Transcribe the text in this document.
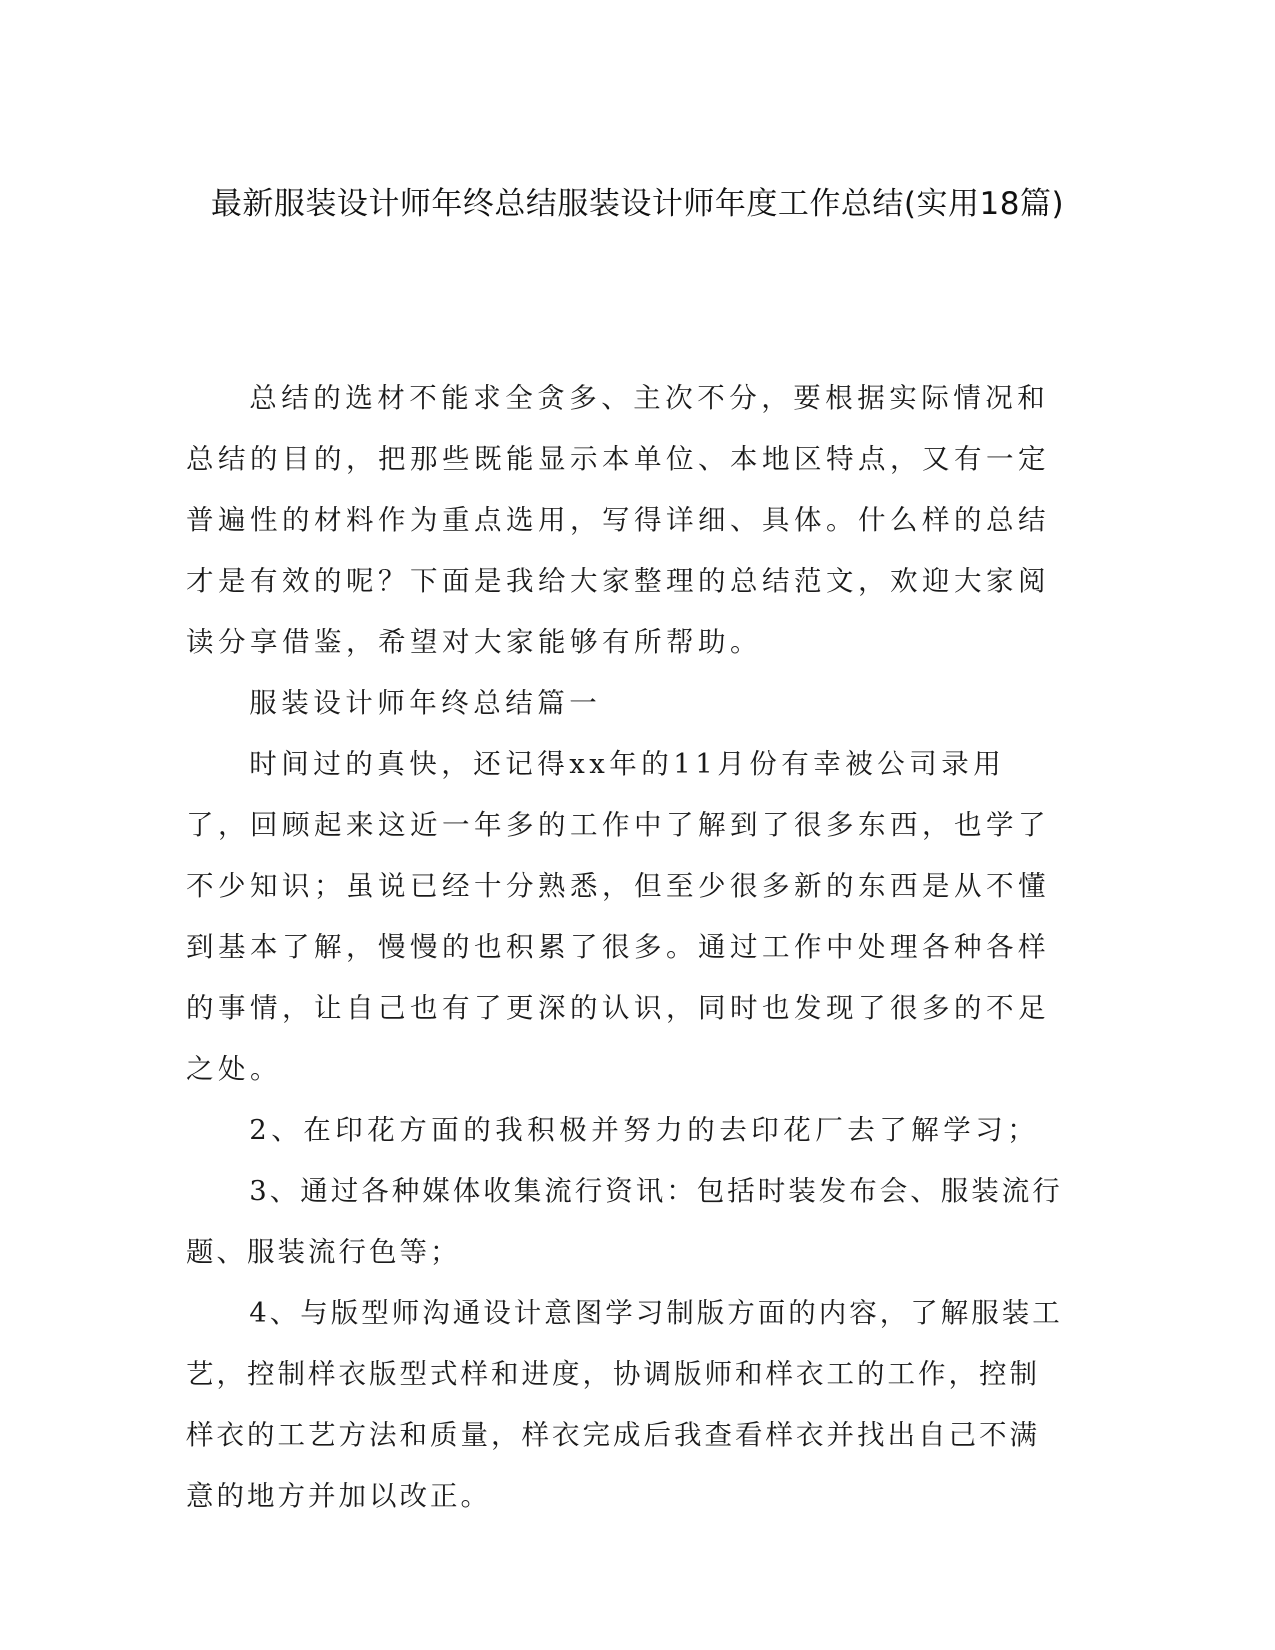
最新服装设计师年终总结服装设计师年度工作总结(实用18篇)

总结的选材不能求全贪多、主次不分，要根据实际情况和总结的目的，把那些既能显示本单位、本地区特点，又有一定普遍性的材料作为重点选用，写得详细、具体。什么样的总结才是有效的呢？下面是我给大家整理的总结范文，欢迎大家阅读分享借鉴，希望对大家能够有所帮助。

服装设计师年终总结篇一

时间过的真快，还记得xx年的11月份有幸被公司录用了，回顾起来这近一年多的工作中了解到了很多东西，也学了不少知识；虽说已经十分熟悉，但至少很多新的东西是从不懂到基本了解，慢慢的也积累了很多。通过工作中处理各种各样的事情，让自己也有了更深的认识，同时也发现了很多的不足之处。

2、在印花方面的我积极并努力的去印花厂去了解学习；

3、通过各种媒体收集流行资讯：包括时装发布会、服装流行题、服装流行色等；

4、与版型师沟通设计意图学习制版方面的内容，了解服装工艺，控制样衣版型式样和进度，协调版师和样衣工的工作，控制样衣的工艺方法和质量，样衣完成后我查看样衣并找出自己不满意的地方并加以改正。
